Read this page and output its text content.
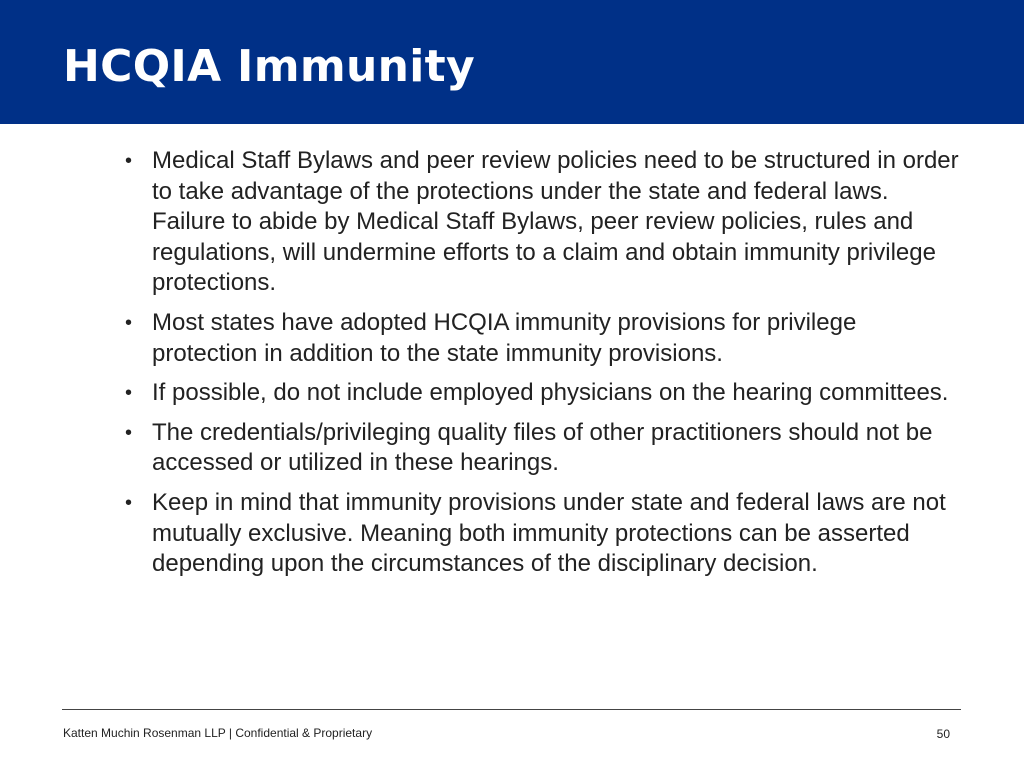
HCQIA Immunity
• Medical Staff Bylaws and peer review policies need to be structured in order to take advantage of the protections under the state and federal laws. Failure to abide by Medical Staff Bylaws, peer review policies, rules and regulations, will undermine efforts to a claim and obtain immunity privilege protections.
• Most states have adopted HCQIA immunity provisions for privilege protection in addition to the state immunity provisions.
• If possible, do not include employed physicians on the hearing committees.
• The credentials/privileging quality files of other practitioners should not be accessed or utilized in these hearings.
• Keep in mind that immunity provisions under state and federal laws are not mutually exclusive. Meaning both immunity protections can be asserted depending upon the circumstances of the disciplinary decision.
Katten Muchin Rosenman LLP | Confidential & Proprietary	50
